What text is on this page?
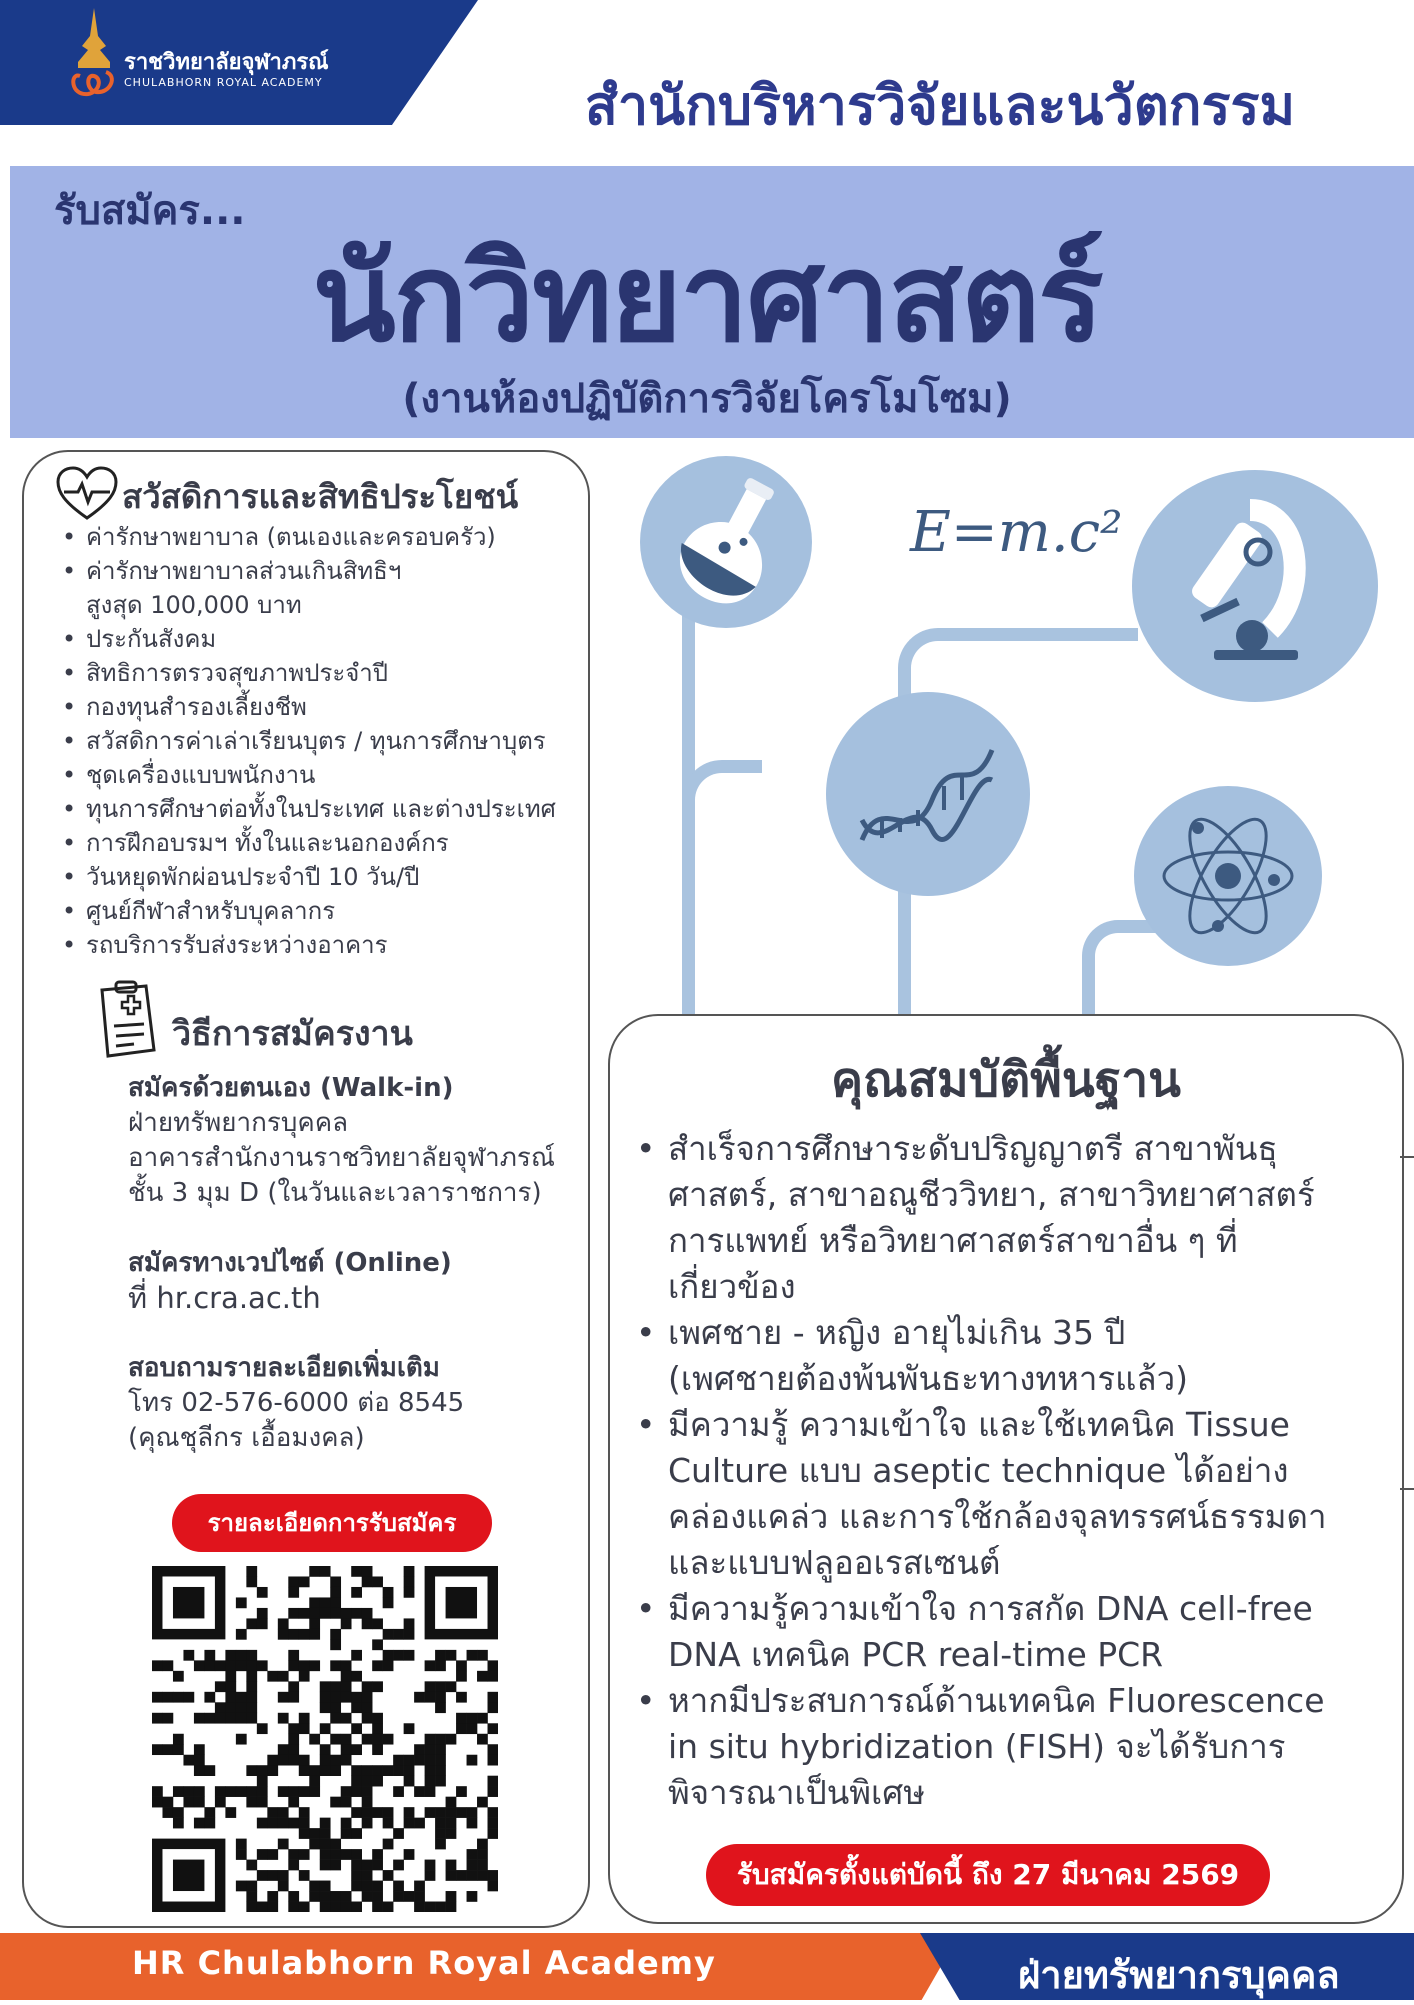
ราชวิทยาลัยจุฬาภรณ์
CHULABHORN ROYAL ACADEMY	สำนักบริหารวิจัยและนวัตกรรม
รับสมัคร...
นักวิทยาศาสตร์
(งานห้องปฏิบัติการวิจัยโครโมโซม)
สวัสดิการและสิทธิประโยชน์
• ค่ารักษาพยาบาล (ตนเองและครอบครัว)
• ค่ารักษาพยาบาลส่วนเกินสิทธิฯ
สูงสุด 100,000 บาท
• ประกันสังคม
• สิทธิการตรวจสุขภาพประจำปี
• กองทุนสำรองเลี้ยงชีพ
• สวัสดิการค่าเล่าเรียนบุตร / ทุนการศึกษาบุตร
• ชุดเครื่องแบบพนักงาน
• ทุนการศึกษาต่อทั้งในประเทศ และต่างประเทศ
• การฝึกอบรมฯ ทั้งในและนอกองค์กร
• วันหยุดพักผ่อนประจำปี 10 วัน/ปี
• ศูนย์กีฬาสำหรับบุคลากร
• รถบริการรับส่งระหว่างอาคาร
วิธีการสมัครงาน
สมัครด้วยตนเอง (Walk-in)
ฝ่ายทรัพยากรบุคคล
อาคารสำนักงานราชวิทยาลัยจุฬาภรณ์
ชั้น 3 มุม D (ในวันและเวลาราชการ)
สมัครทางเวปไซต์ (Online)
ที่ hr.cra.ac.th
สอบถามรายละเอียดเพิ่มเติม
โทร 02-576-6000 ต่อ 8545
(คุณชุลีกร เอื้อมงคล)
รายละเอียดการรับสมัคร
E=m.c²
คุณสมบัติพื้นฐาน
• สำเร็จการศึกษาระดับปริญญาตรี สาขาพันธุ
ศาสตร์, สาขาอณูชีววิทยา, สาขาวิทยาศาสตร์
การแพทย์ หรือวิทยาศาสตร์สาขาอื่น ๆ ที่
เกี่ยวข้อง
• เพศชาย - หญิง อายุไม่เกิน 35 ปี
(เพศชายต้องพ้นพันธะทางทหารแล้ว)
• มีความรู้ ความเข้าใจ และใช้เทคนิค Tissue
Culture แบบ aseptic technique ได้อย่าง
คล่องแคล่ว และการใช้กล้องจุลทรรศน์ธรรมดา
และแบบฟลูออเรสเซนต์
• มีความรู้ความเข้าใจ การสกัด DNA cell-free
DNA เทคนิค PCR real-time PCR
• หากมีประสบการณ์ด้านเทคนิค Fluorescence
in situ hybridization (FISH) จะได้รับการ
พิจารณาเป็นพิเศษ
รับสมัครตั้งแต่บัดนี้ ถึง 27 มีนาคม 2569
HR Chulabhorn Royal Academy	ฝ่ายทรัพยากรบุคคล
